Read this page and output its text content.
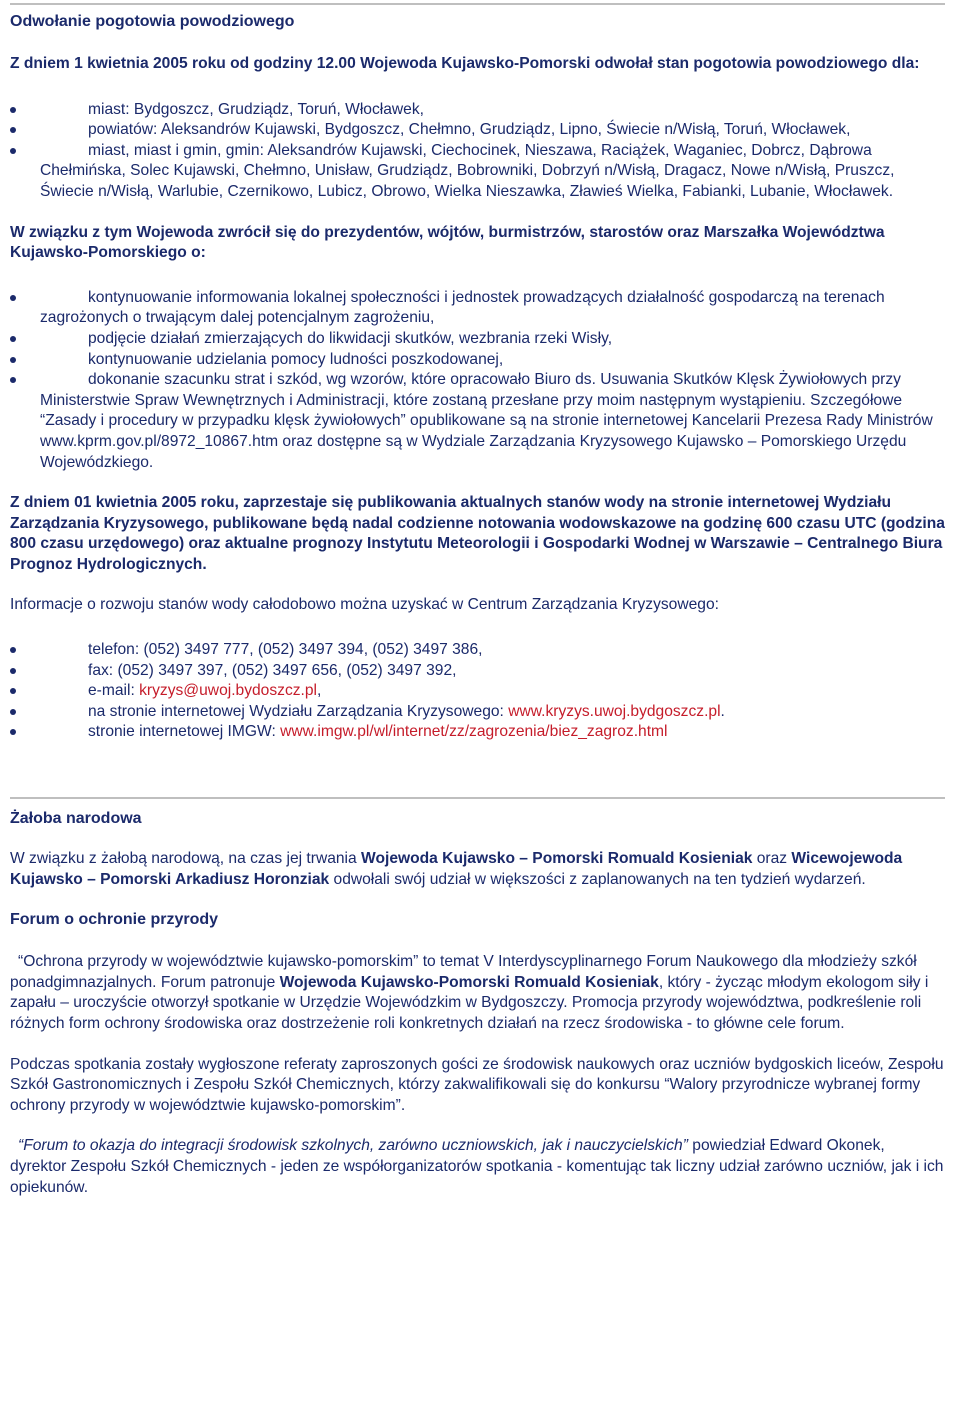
Odwołanie pogotowia powodziowego

Z dniem 1 kwietnia 2005 roku od godziny 12.00 Wojewoda Kujawsko-Pomorski odwołał stan pogotowia powodziowego dla:

miast: Bydgoszcz, Grudziądz, Toruń, Włocławek,
powiatów: Aleksandrów Kujawski, Bydgoszcz, Chełmno, Grudziądz, Lipno, Świecie n/Wisłą, Toruń, Włocławek,
miast, miast i gmin, gmin: Aleksandrów Kujawski, Ciechocinek, Nieszawa, Raciążek, Waganiec, Dobrcz, Dąbrowa Chełmińska, Solec Kujawski, Chełmno, Unisław, Grudziądz, Bobrowniki, Dobrzyń n/Wisłą, Dragacz, Nowe n/Wisłą, Pruszcz, Świecie n/Wisłą, Warlubie, Czernikowo, Lubicz, Obrowo, Wielka Nieszawka, Zławieś Wielka, Fabianki, Lubanie, Włocławek.

W związku z tym Wojewoda zwrócił się do prezydentów, wójtów, burmistrzów, starostów oraz Marszałka Województwa Kujawsko-Pomorskiego o:

kontynuowanie informowania lokalnej społeczności i jednostek prowadzących działalność gospodarczą na terenach zagrożonych o trwającym dalej potencjalnym zagrożeniu,
podjęcie działań zmierzających do likwidacji skutków, wezbrania rzeki Wisły,
kontynuowanie udzielania pomocy ludności poszkodowanej,
dokonanie szacunku strat i szkód, wg wzorów, które opracowało Biuro ds. Usuwania Skutków Klęsk Żywiołowych przy Ministerstwie Spraw Wewnętrznych i Administracji, które zostaną przesłane przy moim następnym wystąpieniu. Szczegółowe “Zasady i procedury w przypadku klęsk żywiołowych” opublikowane są na stronie internetowej Kancelarii Prezesa Rady Ministrów www.kprm.gov.pl/8972_10867.htm oraz dostępne są w Wydziale Zarządzania Kryzysowego Kujawsko – Pomorskiego Urzędu Wojewódzkiego.

Z dniem 01 kwietnia 2005 roku, zaprzestaje się publikowania aktualnych stanów wody na stronie internetowej Wydziału Zarządzania Kryzysowego, publikowane będą nadal codzienne notowania wodowskazowe na godzinę 600 czasu UTC (godzina 800 czasu urzędowego) oraz aktualne prognozy Instytutu Meteorologii i Gospodarki Wodnej w Warszawie – Centralnego Biura Prognoz Hydrologicznych.

Informacje o rozwoju stanów wody całodobowo można uzyskać w Centrum Zarządzania Kryzysowego:

telefon: (052) 3497 777, (052) 3497 394, (052) 3497 386,
fax: (052) 3497 397, (052) 3497 656, (052) 3497 392,
e-mail: kryzys@uwoj.bydoszcz.pl,
na stronie internetowej Wydziału Zarządzania Kryzysowego: www.kryzys.uwoj.bydgoszcz.pl.
stronie internetowej IMGW: www.imgw.pl/wl/internet/zz/zagrozenia/biez_zagroz.html
Żałoba narodowa

W związku z żałobą narodową, na czas jej trwania Wojewoda Kujawsko – Pomorski Romuald Kosieniak oraz Wicewojewoda Kujawsko – Pomorski Arkadiusz Horonziak odwołali swój udział w większości z zaplanowanych na ten tydzień wydarzeń.

Forum o ochronie przyrody

“Ochrona przyrody w województwie kujawsko-pomorskim” to temat V Interdyscyplinarnego Forum Naukowego dla młodzieży szkół ponadgimnazjalnych. Forum patronuje Wojewoda Kujawsko-Pomorski Romuald Kosieniak, który - życząc młodym ekologom siły i zapału – uroczyście otworzył spotkanie w Urzędzie Wojewódzkim w Bydgoszczy. Promocja przyrody województwa, podkreślenie roli różnych form ochrony środowiska oraz dostrzeżenie roli konkretnych działań na rzecz środowiska - to główne cele forum.

Podczas spotkania zostały wygłoszone referaty zaproszonych gości ze środowisk naukowych oraz uczniów bydgoskich liceów, Zespołu Szkół Gastronomicznych i Zespołu Szkół Chemicznych, którzy zakwalifikowali się do konkursu “Walory przyrodnicze wybranej formy ochrony przyrody w województwie kujawsko-pomorskim”.

“Forum to okazja do integracji środowisk szkolnych, zarówno uczniowskich, jak i nauczycielskich” powiedział Edward Okonek, dyrektor Zespołu Szkół Chemicznych - jeden ze współorganizatorów spotkania - komentując tak liczny udział zarówno uczniów, jak i ich opiekunów.
